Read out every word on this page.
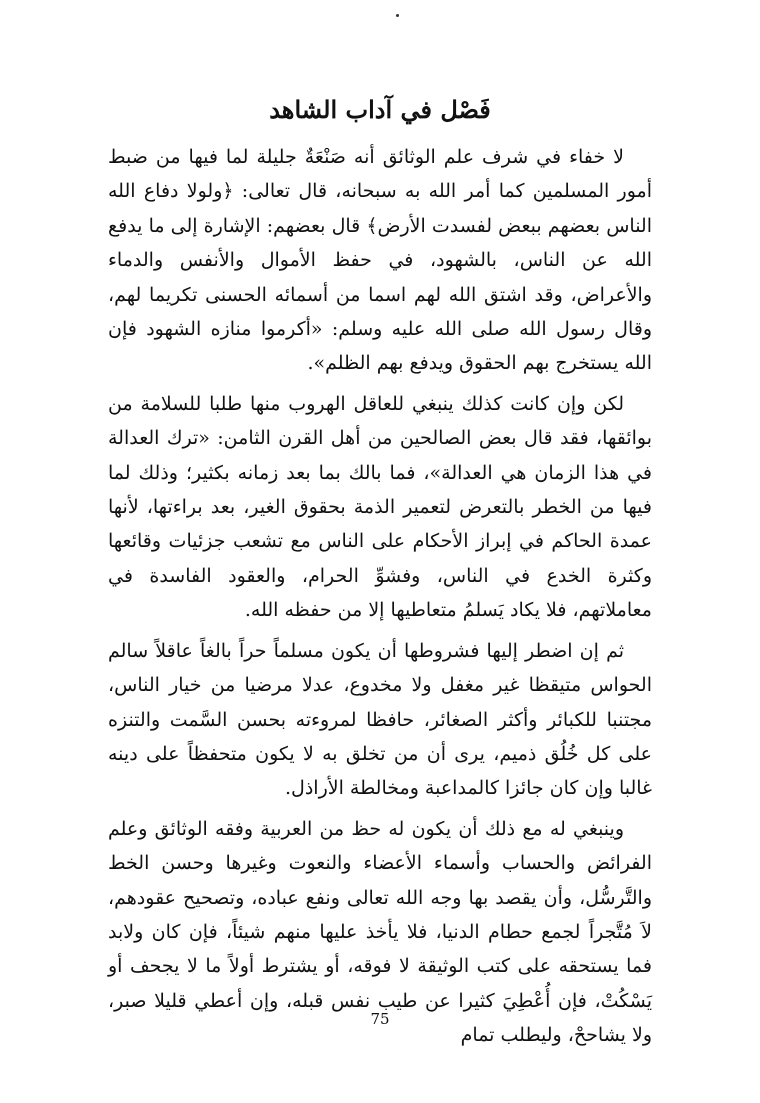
فَصْل في آداب الشاهد

لا خفاء في شرف علم الوثائق أنه صَنْعَةٌ جليلة لما فيها من ضبط أمور المسلمين كما أمر الله به سبحانه، قال تعالى: ﴿ولولا دفاع الله الناس بعضهم ببعض لفسدت الأرض﴾ قال بعضهم: الإشارة إلى ما يدفع الله عن الناس، بالشهود، في حفظ الأموال والأنفس والدماء والأعراض، وقد اشتق الله لهم اسما من أسمائه الحسنى تكريما لهم، وقال رسول الله صلى الله عليه وسلم: «أكرموا منازه الشهود فإن الله يستخرج بهم الحقوق ويدفع بهم الظلم».

لكن وإن كانت كذلك ينبغي للعاقل الهروب منها طلبا للسلامة من بوائقها، فقد قال بعض الصالحين من أهل القرن الثامن: «ترك العدالة في هذا الزمان هي العدالة»، فما بالك بما بعد زمانه بكثير؛ وذلك لما فيها من الخطر بالتعرض لتعمير الذمة بحقوق الغير، بعد براءتها، لأنها عمدة الحاكم في إبراز الأحكام على الناس مع تشعب جزئيات وقائعها وكثرة الخدع في الناس، وفشوِّ الحرام، والعقود الفاسدة في معاملاتهم، فلا يكاد يَسلمُ متعاطيها إلا من حفظه الله.

ثم إن اضطر إليها فشروطها أن يكون مسلماً حراً بالغاً عاقلاً سالم الحواس متيقظا غير مغفل ولا مخدوع، عدلا مرضيا من خيار الناس، مجتنبا للكبائر وأكثر الصغائر، حافظا لمروءته بحسن السَّمت والتنزه على كل خُلُق ذميم، يرى أن من تخلق به لا يكون متحفظاً على دينه غالبا وإن كان جائزا كالمداعبة ومخالطة الأراذل.

وينبغي له مع ذلك أن يكون له حظ من العربية وفقه الوثائق وعلم الفرائض والحساب وأسماء الأعضاء والنعوت وغيرها وحسن الخط والتَّرسُّل، وأن يقصد بها وجه الله تعالى ونفع عباده، وتصحيح عقودهم، لاَ مُتَّجراً لجمع حطام الدنيا، فلا يأخذ عليها منهم شيئاً، فإن كان ولابد فما يستحقه على كتب الوثيقة لا فوقه، أو يشترط أولاً ما لا يجحف أو يَسْكُتْ، فإن أُعْطِيَ كثيرا عن طيب نفس قبله، وإن أعطي قليلا صبر، ولا يشاححْ، وليطلب تمام

75
